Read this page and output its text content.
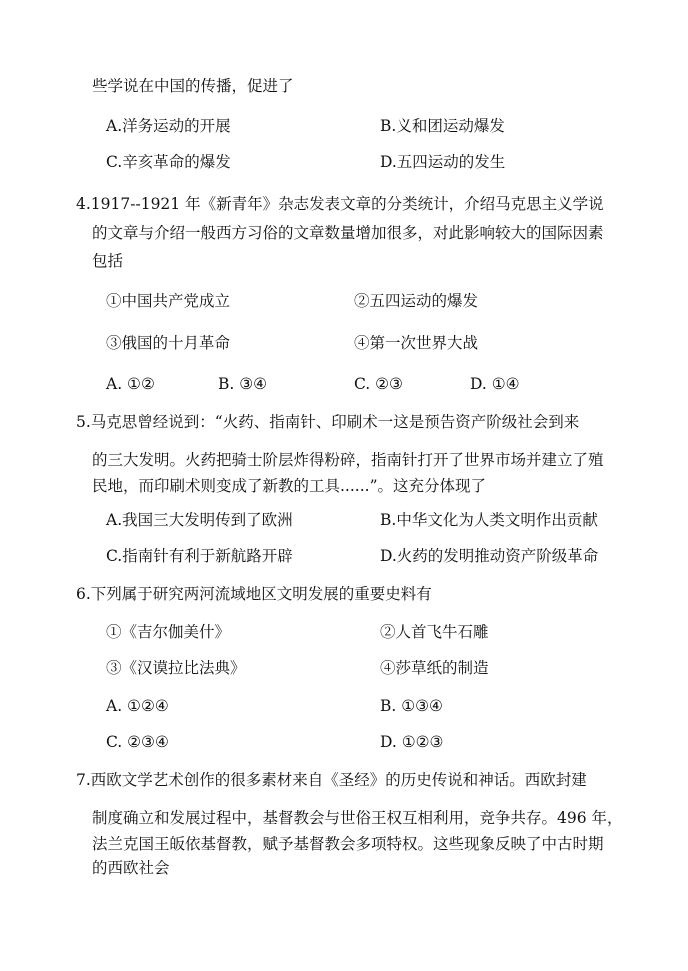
些学说在中国的传播，促进了
A.洋务运动的开展	B.义和团运动爆发
C.辛亥革命的爆发	D.五四运动的发生
4.1917--1921 年《新青年》杂志发表文章的分类统计，介绍马克思主义学说
的文章与介绍一般西方习俗的文章数量增加很多，对此影响较大的国际因素
包括
①中国共产党成立	②五四运动的爆发
③俄国的十月革命	④第一次世界大战
A. ①②	B. ③④	C. ②③	D. ①④
5.马克思曾经说到：“火药、指南针、印刷术一这是预告资产阶级社会到来
的三大发明。火药把骑士阶层炸得粉碎，指南针打开了世界市场并建立了殖
民地，而印刷术则变成了新教的工具......”。这充分体现了
A.我国三大发明传到了欧洲	B.中华文化为人类文明作出贡献
C.指南针有利于新航路开辟	D.火药的发明推动资产阶级革命
6.下列属于研究两河流域地区文明发展的重要史料有
①《吉尔伽美什》	②人首飞牛石雕
③《汉谟拉比法典》	④莎草纸的制造
A. ①②④	B. ①③④
C. ②③④	D. ①②③
7.西欧文学艺术创作的很多素材来自《圣经》的历史传说和神话。西欧封建
制度确立和发展过程中，基督教会与世俗王权互相利用，竞争共存。496 年，
法兰克国王皈依基督教，赋予基督教会多项特权。这些现象反映了中古时期
的西欧社会
